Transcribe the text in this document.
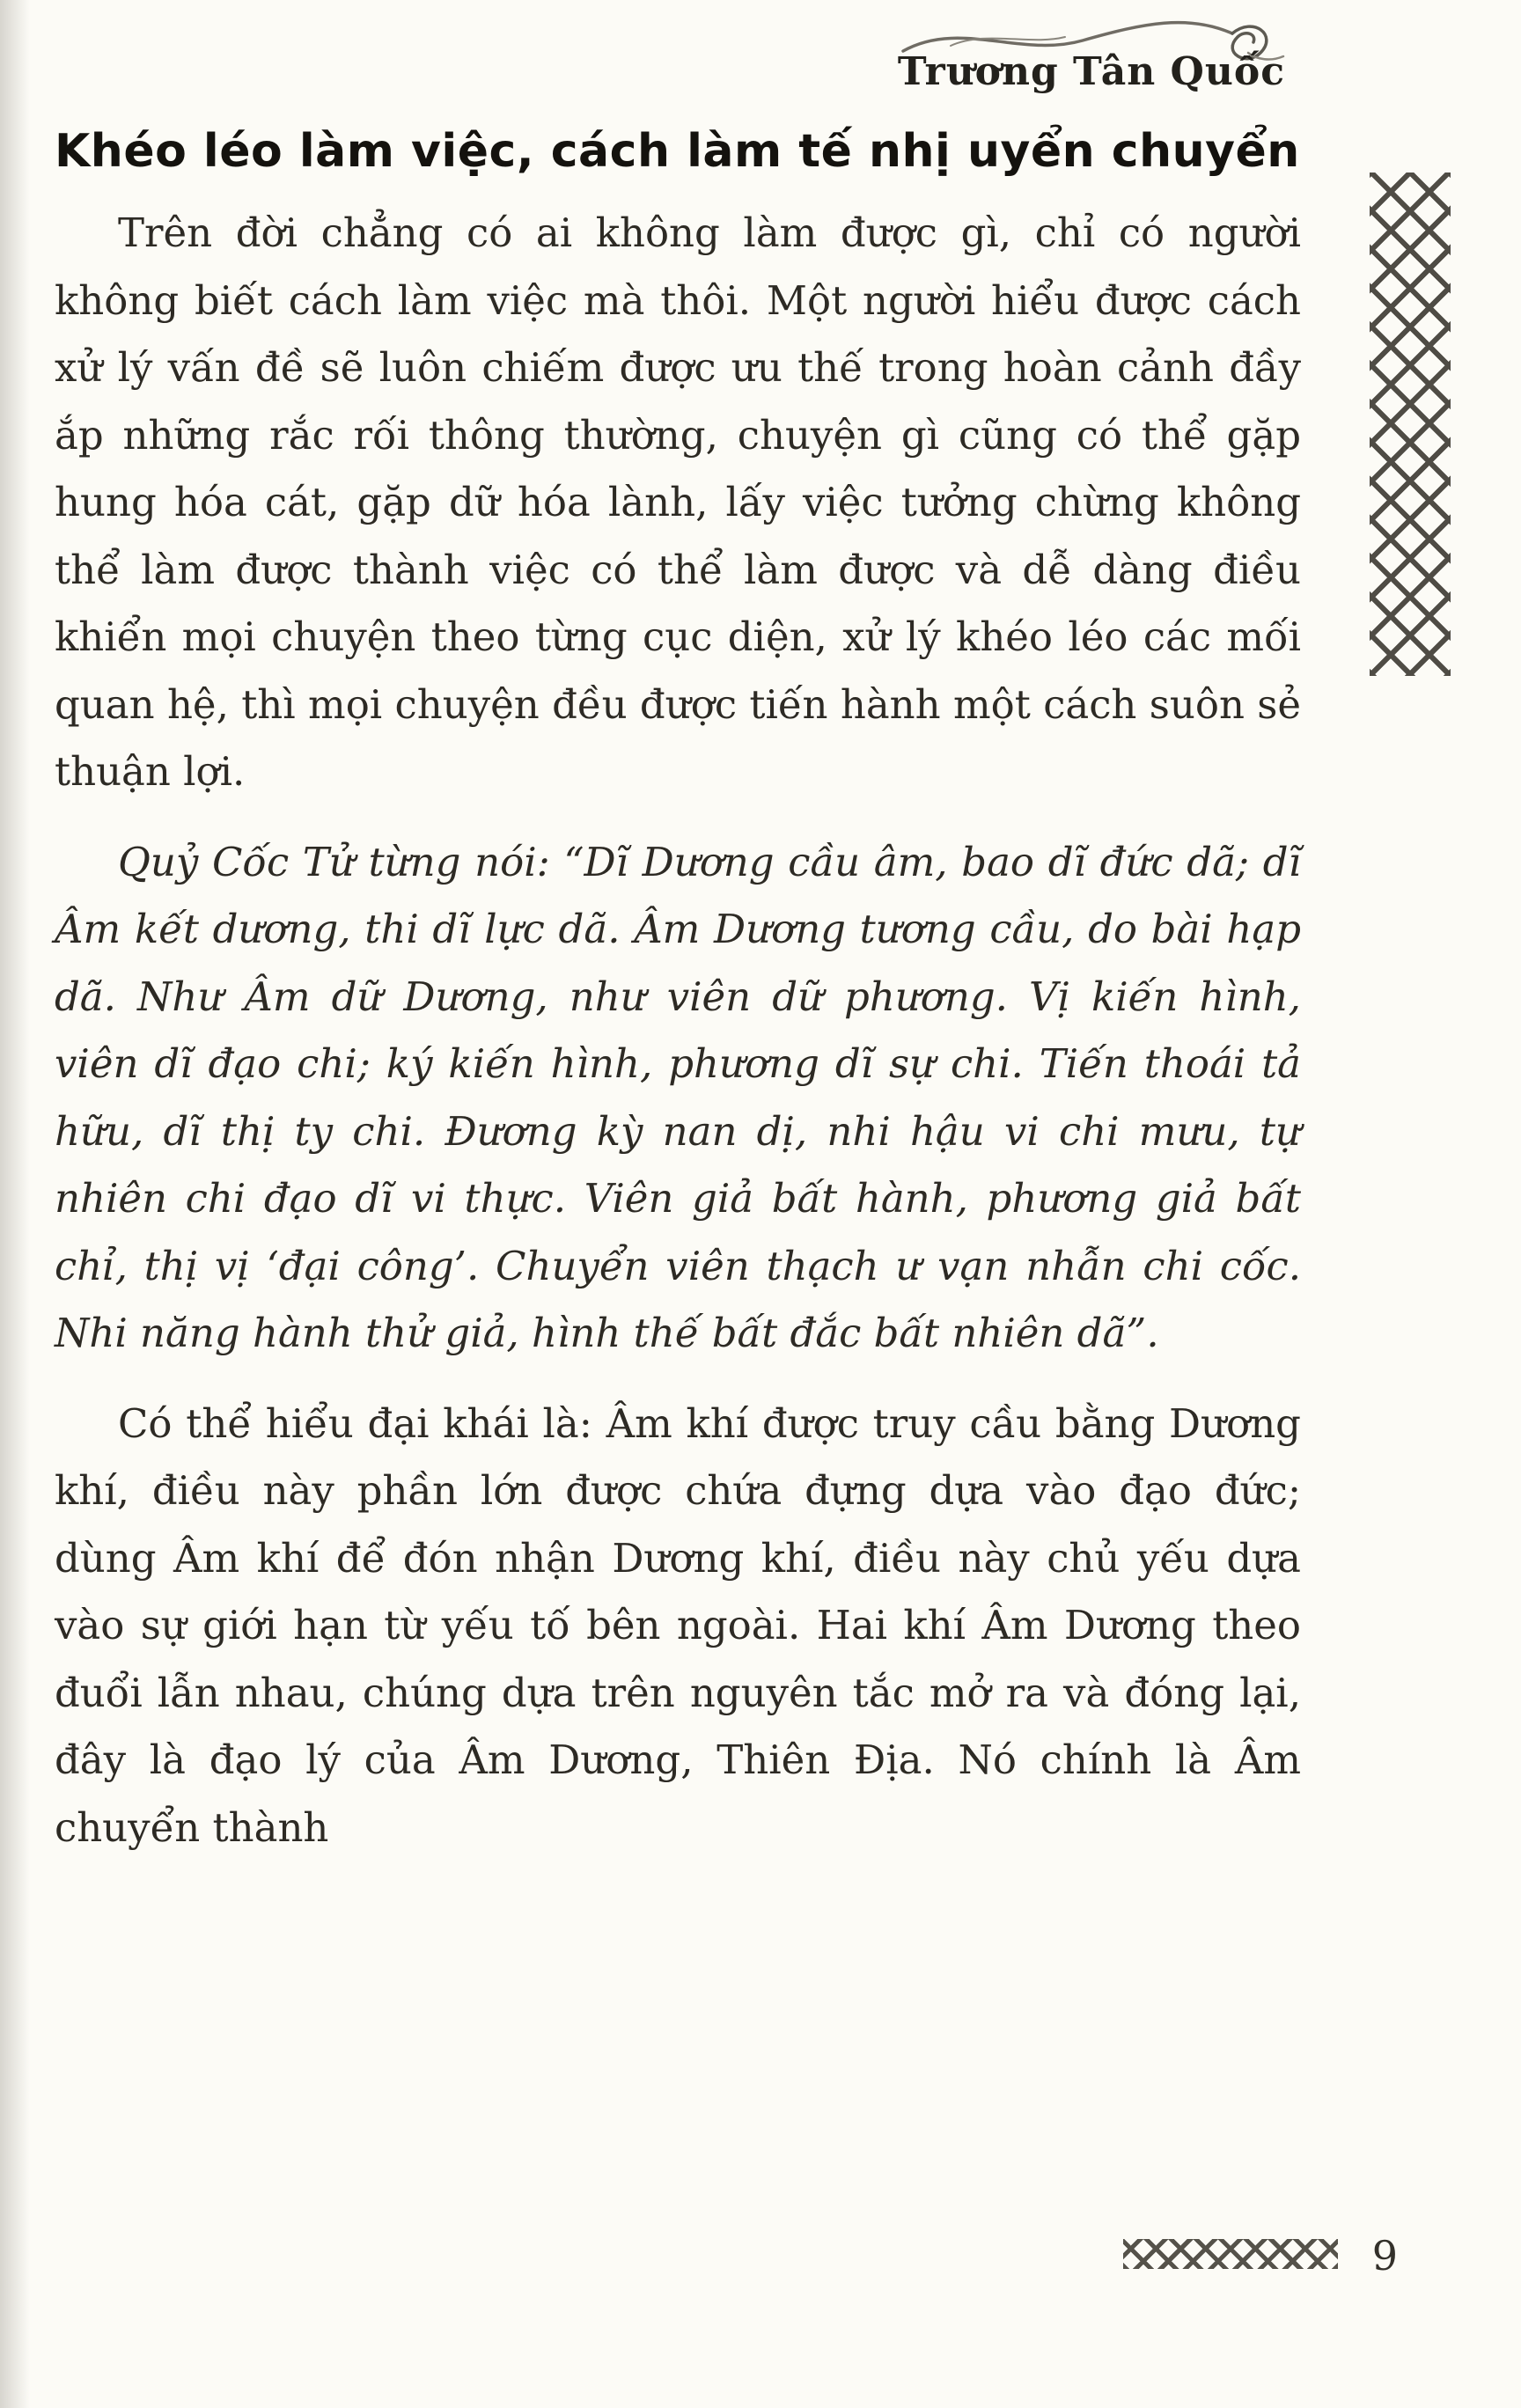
Trương Tân Quốc
Khéo léo làm việc, cách làm tế nhị uyển chuyển

Trên đời chẳng có ai không làm được gì, chỉ có người không biết cách làm việc mà thôi. Một người hiểu được cách xử lý vấn đề sẽ luôn chiếm được ưu thế trong hoàn cảnh đầy ắp những rắc rối thông thường, chuyện gì cũng có thể gặp hung hóa cát, gặp dữ hóa lành, lấy việc tưởng chừng không thể làm được thành việc có thể làm được và dễ dàng điều khiển mọi chuyện theo từng cục diện, xử lý khéo léo các mối quan hệ, thì mọi chuyện đều được tiến hành một cách suôn sẻ thuận lợi.

Quỷ Cốc Tử từng nói: “Dĩ Dương cầu âm, bao dĩ đức dã; dĩ Âm kết dương, thi dĩ lực dã. Âm Dương tương cầu, do bài hạp dã. Như Âm dữ Dương, như viên dữ phương. Vị kiến hình, viên dĩ đạo chi; ký kiến hình, phương dĩ sự chi. Tiến thoái tả hữu, dĩ thị ty chi. Đương kỳ nan dị, nhi hậu vi chi mưu, tự nhiên chi đạo dĩ vi thực. Viên giả bất hành, phương giả bất chỉ, thị vị ‘đại công’. Chuyển viên thạch ư vạn nhẫn chi cốc. Nhi năng hành thử giả, hình thế bất đắc bất nhiên dã”.

Có thể hiểu đại khái là: Âm khí được truy cầu bằng Dương khí, điều này phần lớn được chứa đựng dựa vào đạo đức; dùng Âm khí để đón nhận Dương khí, điều này chủ yếu dựa vào sự giới hạn từ yếu tố bên ngoài. Hai khí Âm Dương theo đuổi lẫn nhau, chúng dựa trên nguyên tắc mở ra và đóng lại, đây là đạo lý của Âm Dương, Thiên Địa. Nó chính là Âm chuyển thành

9
